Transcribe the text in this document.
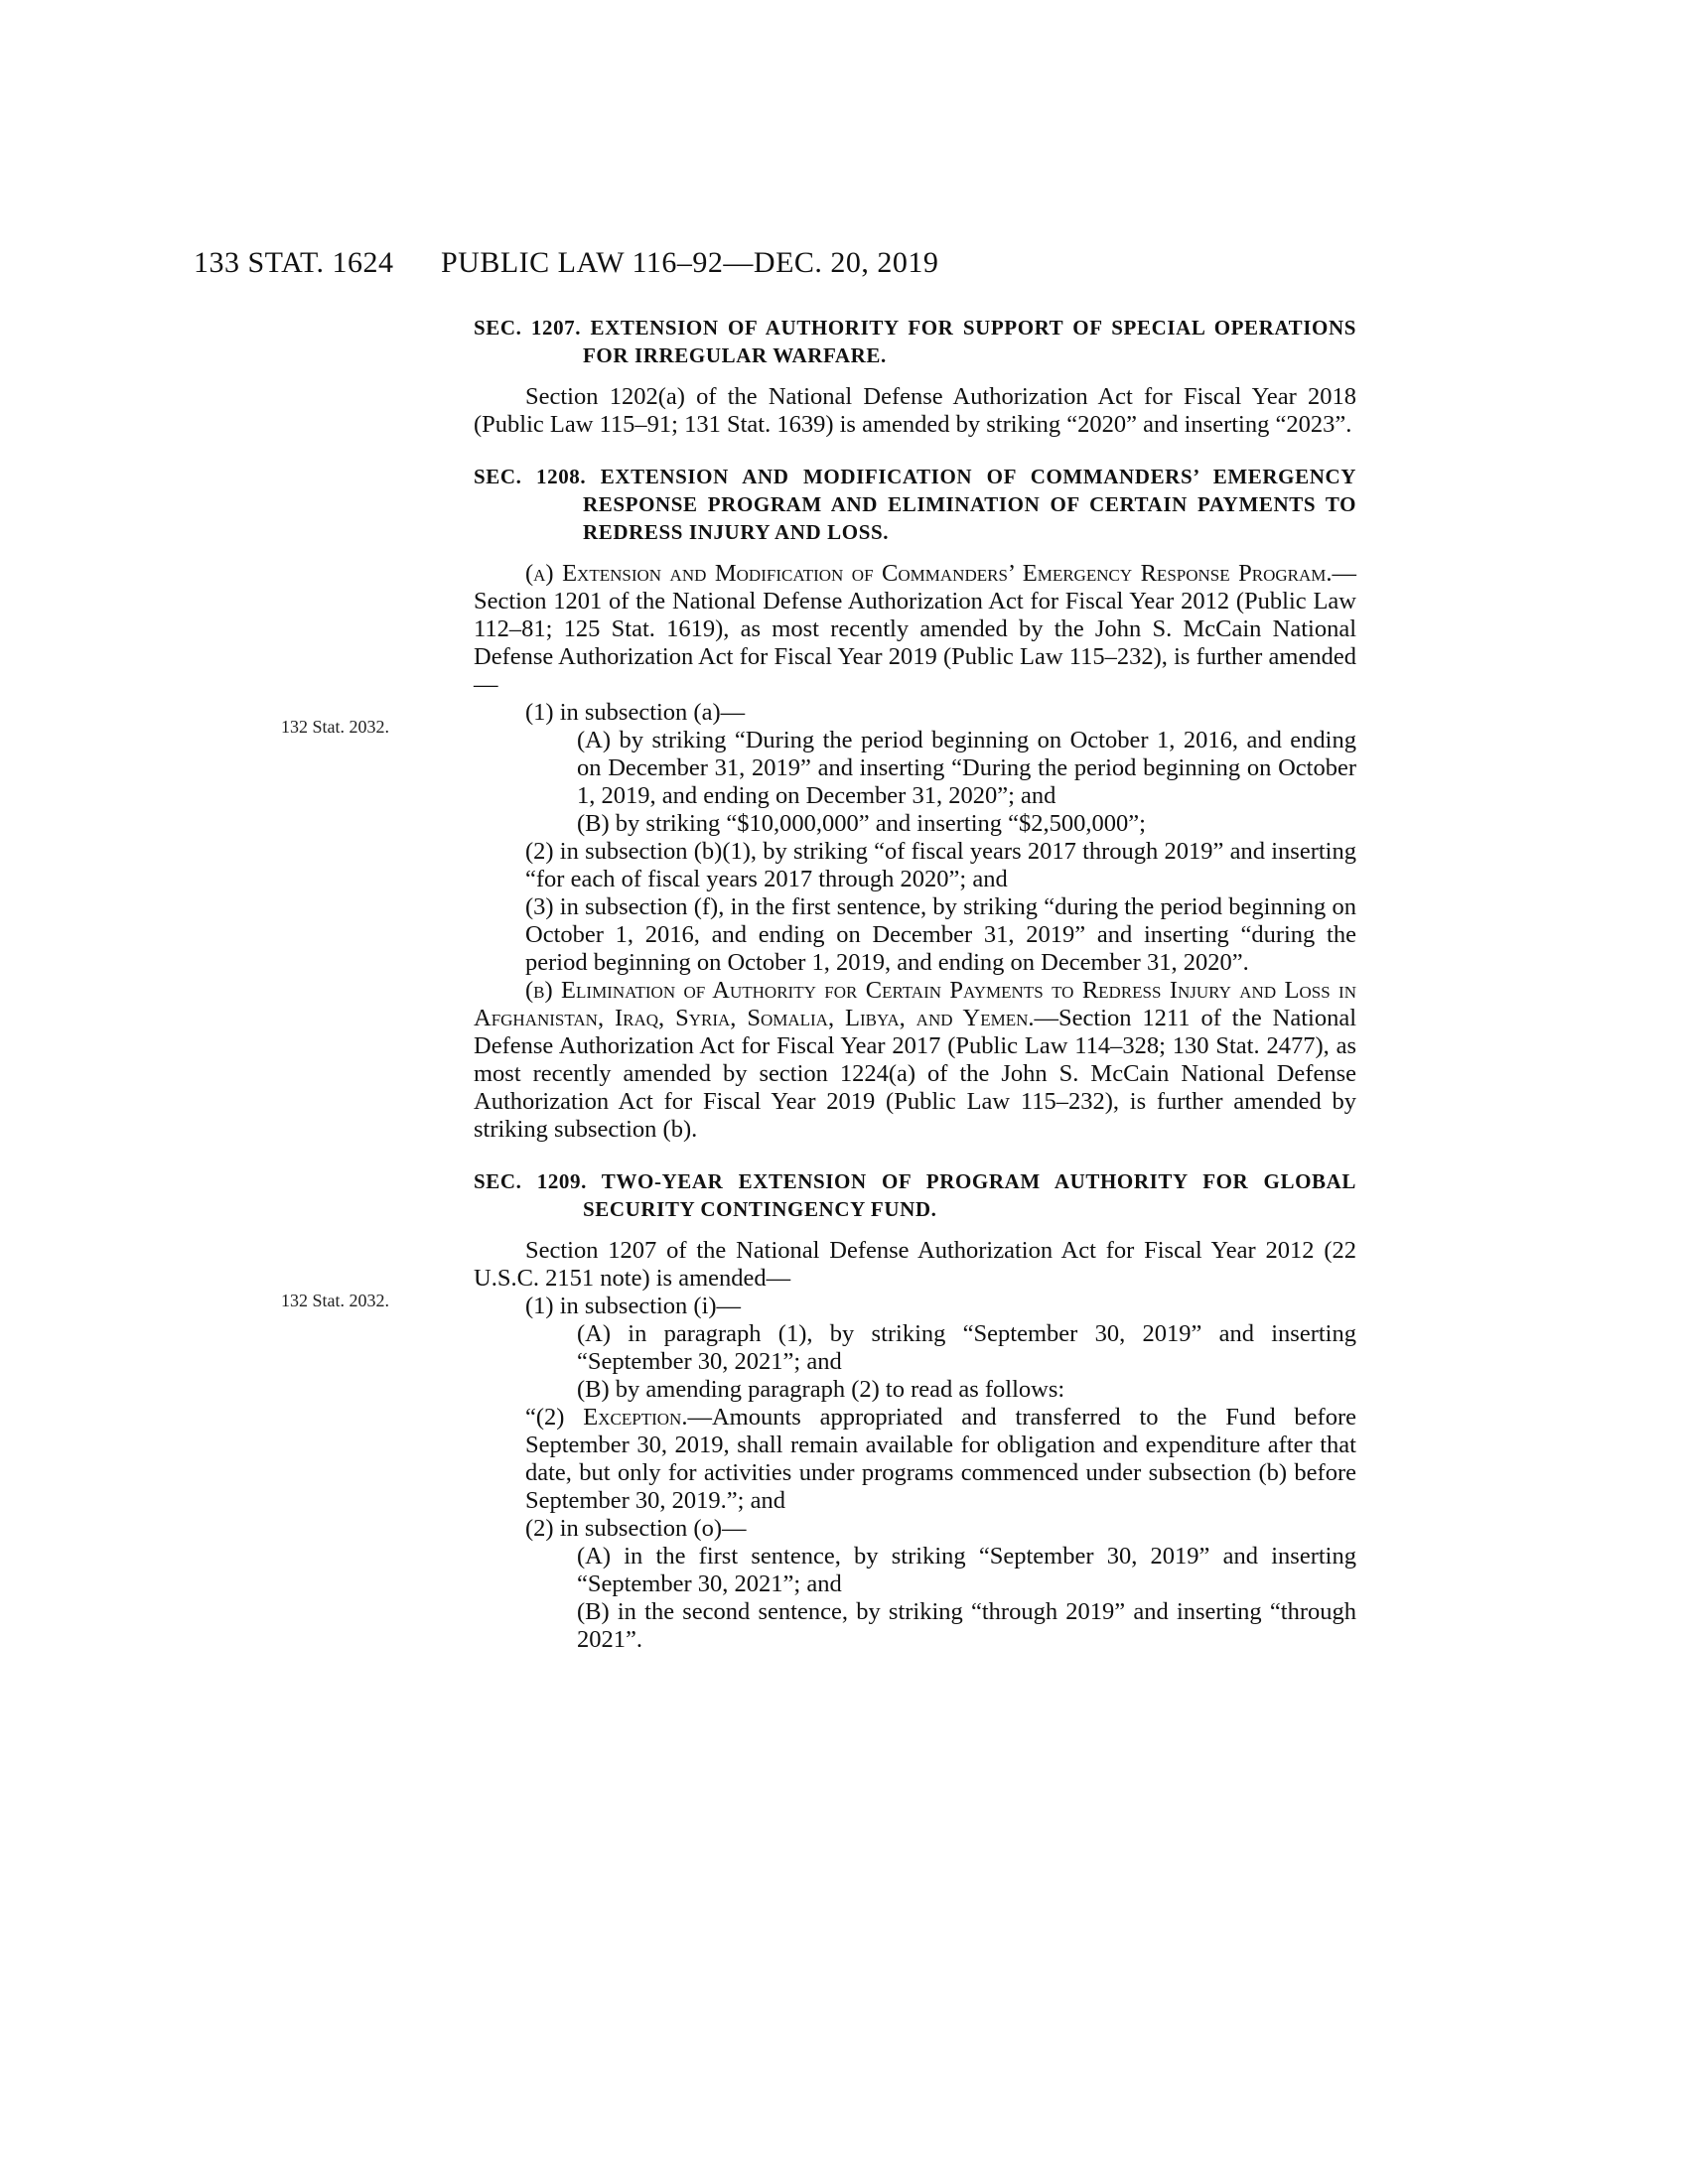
133 STAT. 1624 PUBLIC LAW 116–92—DEC. 20, 2019
132 Stat. 2032.
132 Stat. 2032.
SEC. 1207. EXTENSION OF AUTHORITY FOR SUPPORT OF SPECIAL OPERATIONS FOR IRREGULAR WARFARE.

Section 1202(a) of the National Defense Authorization Act for Fiscal Year 2018 (Public Law 115–91; 131 Stat. 1639) is amended by striking “2020” and inserting “2023”.

SEC. 1208. EXTENSION AND MODIFICATION OF COMMANDERS’ EMERGENCY RESPONSE PROGRAM AND ELIMINATION OF CERTAIN PAYMENTS TO REDRESS INJURY AND LOSS.

(a) Extension and Modification of Commanders’ Emergency Response Program.—Section 1201 of the National Defense Authorization Act for Fiscal Year 2012 (Public Law 112–81; 125 Stat. 1619), as most recently amended by the John S. McCain National Defense Authorization Act for Fiscal Year 2019 (Public Law 115–232), is further amended—

(1) in subsection (a)—

(A) by striking “During the period beginning on October 1, 2016, and ending on December 31, 2019” and inserting “During the period beginning on October 1, 2019, and ending on December 31, 2020”; and

(B) by striking “$10,000,000” and inserting “$2,500,000”;

(2) in subsection (b)(1), by striking “of fiscal years 2017 through 2019” and inserting “for each of fiscal years 2017 through 2020”; and

(3) in subsection (f), in the first sentence, by striking “during the period beginning on October 1, 2016, and ending on December 31, 2019” and inserting “during the period beginning on October 1, 2019, and ending on December 31, 2020”.

(b) Elimination of Authority for Certain Payments to Redress Injury and Loss in Afghanistan, Iraq, Syria, Somalia, Libya, and Yemen.—Section 1211 of the National Defense Authorization Act for Fiscal Year 2017 (Public Law 114–328; 130 Stat. 2477), as most recently amended by section 1224(a) of the John S. McCain National Defense Authorization Act for Fiscal Year 2019 (Public Law 115–232), is further amended by striking subsection (b).

SEC. 1209. TWO-YEAR EXTENSION OF PROGRAM AUTHORITY FOR GLOBAL SECURITY CONTINGENCY FUND.

Section 1207 of the National Defense Authorization Act for Fiscal Year 2012 (22 U.S.C. 2151 note) is amended—

(1) in subsection (i)—

(A) in paragraph (1), by striking “September 30, 2019” and inserting “September 30, 2021”; and

(B) by amending paragraph (2) to read as follows:

“(2) Exception.—Amounts appropriated and transferred to the Fund before September 30, 2019, shall remain available for obligation and expenditure after that date, but only for activities under programs commenced under subsection (b) before September 30, 2019.”; and

(2) in subsection (o)—

(A) in the first sentence, by striking “September 30, 2019” and inserting “September 30, 2021”; and

(B) in the second sentence, by striking “through 2019” and inserting “through 2021”.
